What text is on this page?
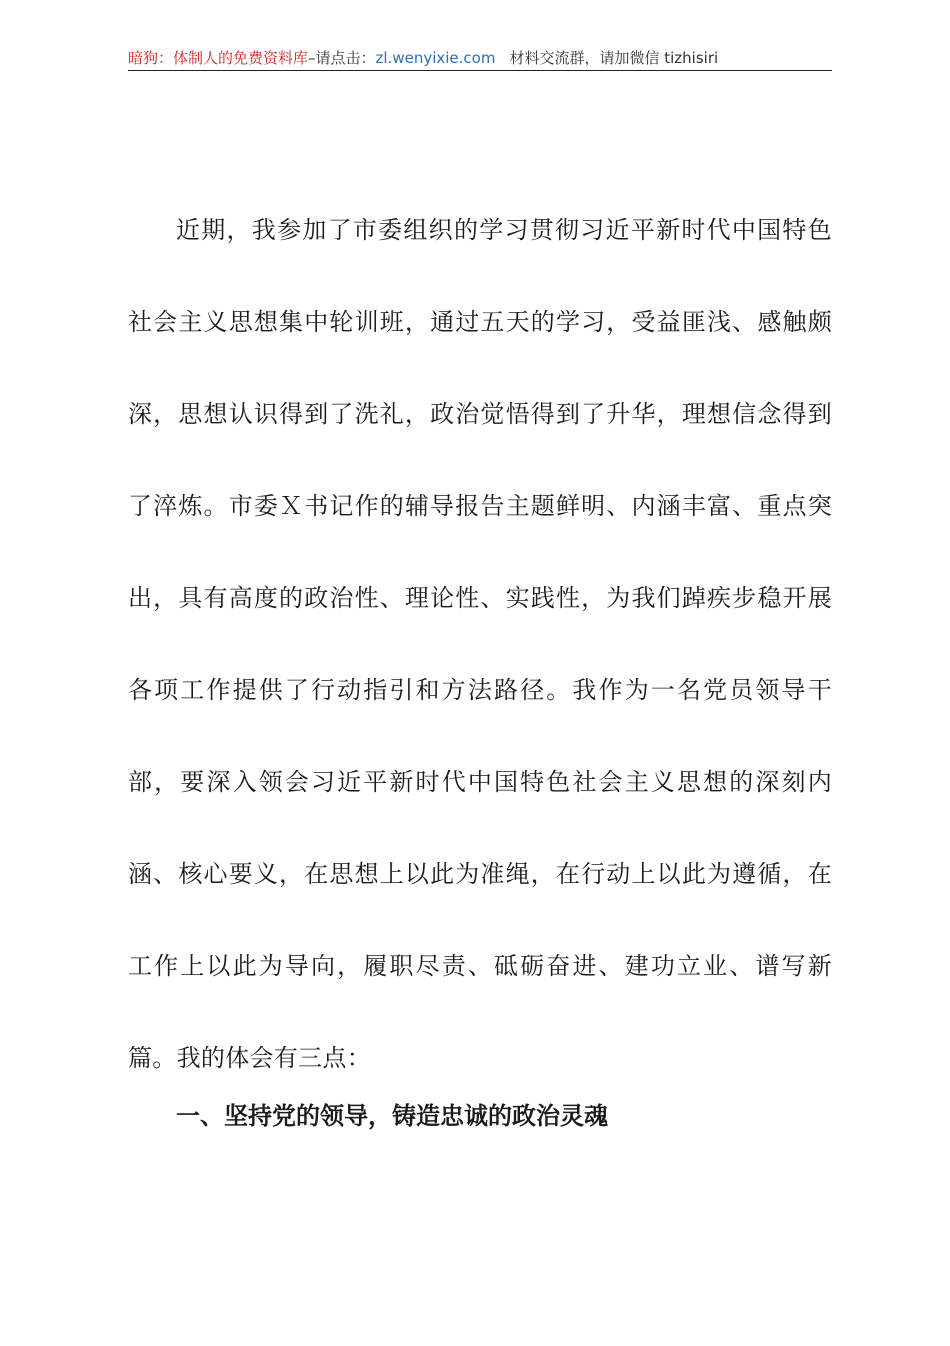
暗狗：体制人的免费资料库–请点击：zl.wenyixie.com 材料交流群，请加微信 tizhisiri

近期，我参加了市委组织的学习贯彻习近平新时代中国特色社会主义思想集中轮训班，通过五天的学习，受益匪浅、感触颇深，思想认识得到了洗礼，政治觉悟得到了升华，理想信念得到了淬炼。市委Ｘ书记作的辅导报告主题鲜明、内涵丰富、重点突出，具有高度的政治性、理论性、实践性，为我们踔疾步稳开展各项工作提供了行动指引和方法路径。我作为一名党员领导干部，要深入领会习近平新时代中国特色社会主义思想的深刻内涵、核心要义，在思想上以此为准绳，在行动上以此为遵循，在工作上以此为导向，履职尽责、砥砺奋进、建功立业、谱写新篇。我的体会有三点：

一、坚持党的领导，铸造忠诚的政治灵魂
